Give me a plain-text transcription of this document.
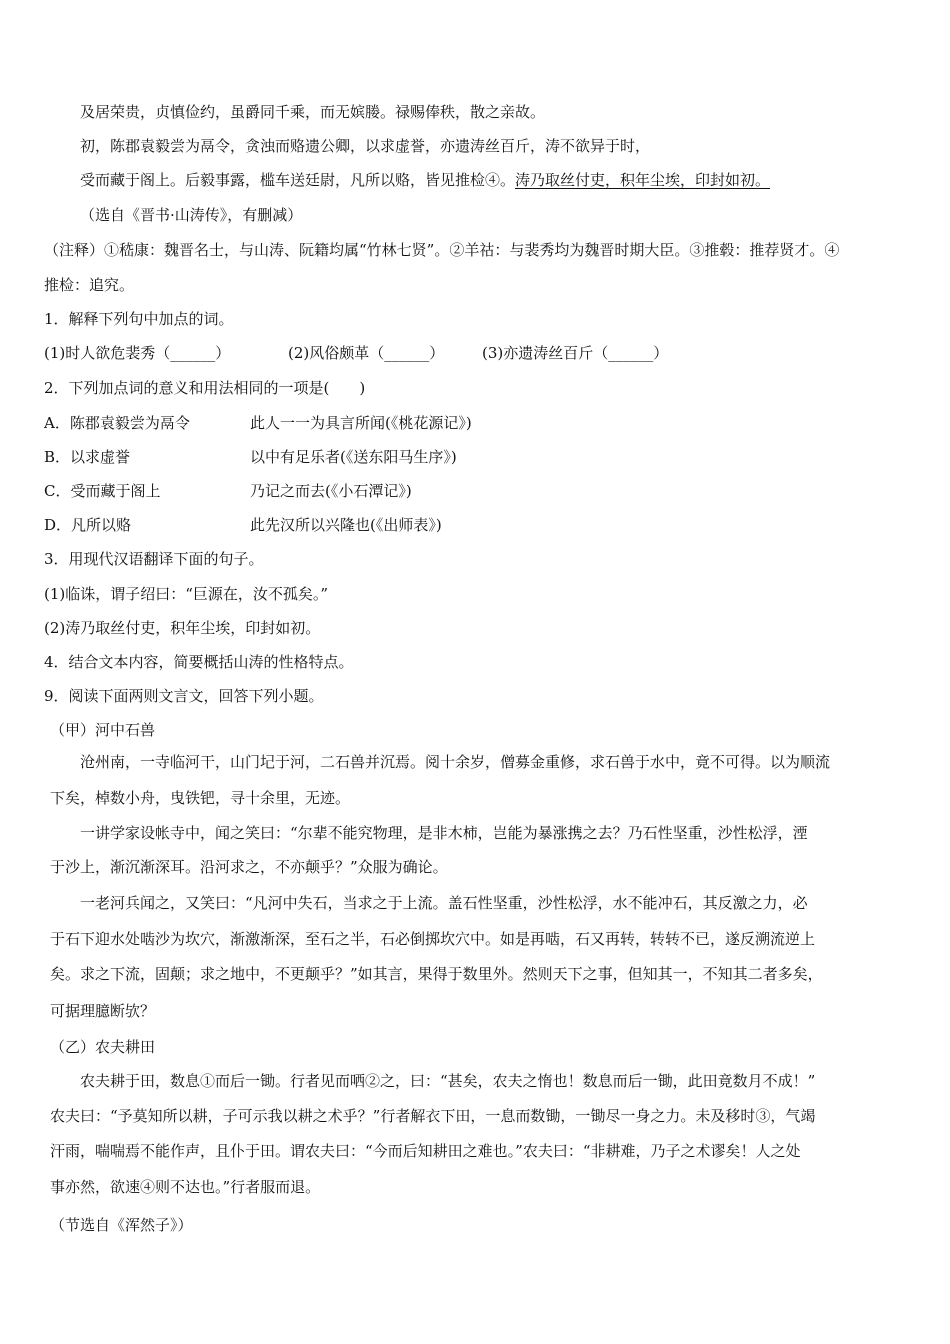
及居荣贵，贞慎俭约，虽爵同千乘，而无嫔媵。禄赐俸秩，散之亲故。
初，陈郡袁毅尝为鬲令，贪浊而赂遗公卿，以求虚誉，亦遗涛丝百斤，涛不欲异于时，
受而藏于阁上。后毅事露，槛车送廷尉，凡所以赂，皆见推检④。涛乃取丝付吏，积年尘埃，印封如初。
（选自《晋书·山涛传》，有删减）
（注释）①嵇康：魏晋名士，与山涛、阮籍均属“竹林七贤”。②羊祜：与裴秀均为魏晋时期大臣。③推毂：推荐贤才。④
推检：追究。
1．解释下列句中加点的词。
(1)时人欲危裴秀（______）	(2)风俗颇革（______）	(3)亦遗涛丝百斤（______）
2．下列加点词的意义和用法相同的一项是(　　)
A．陈郡袁毅尝为鬲令	此人一一为具言所闻(《桃花源记》)
B．以求虚誉	以中有足乐者(《送东阳马生序》)
C．受而藏于阁上	乃记之而去(《小石潭记》)
D．凡所以赂	此先汉所以兴隆也(《出师表》)
3．用现代汉语翻译下面的句子。
(1)临诛，谓子绍曰：“巨源在，汝不孤矣。”
(2)涛乃取丝付吏，积年尘埃，印封如初。
4．结合文本内容，简要概括山涛的性格特点。
9．阅读下面两则文言文，回答下列小题。
（甲）河中石兽
沧州南，一寺临河干，山门圮于河，二石兽并沉焉。阅十余岁，僧募金重修，求石兽于水中，竟不可得。以为顺流
下矣，棹数小舟，曳铁钯，寻十余里，无迹。
一讲学家设帐寺中，闻之笑曰：“尔辈不能究物理，是非木柿，岂能为暴涨携之去？乃石性坚重，沙性松浮，湮
于沙上，渐沉渐深耳。沿河求之，不亦颠乎？”众服为确论。
一老河兵闻之，又笑曰：“凡河中失石，当求之于上流。盖石性坚重，沙性松浮，水不能冲石，其反激之力，必
于石下迎水处啮沙为坎穴，渐激渐深，至石之半，石必倒掷坎穴中。如是再啮，石又再转，转转不已，遂反溯流逆上
矣。求之下流，固颠；求之地中，不更颠乎？”如其言，果得于数里外。然则天下之事，但知其一，不知其二者多矣，
可据理臆断欤？
（乙）农夫耕田
农夫耕于田，数息①而后一锄。行者见而哂②之，曰：“甚矣，农夫之惰也！数息而后一锄，此田竟数月不成！”
农夫曰：“予莫知所以耕，子可示我以耕之术乎？”行者解衣下田，一息而数锄，一锄尽一身之力。未及移时③，气竭
汗雨，喘喘焉不能作声，且仆于田。谓农夫曰：“今而后知耕田之难也。”农夫曰：“非耕难，乃子之术谬矣！人之处
事亦然，欲速④则不达也。”行者服而退。
（节选自《浑然子》）
